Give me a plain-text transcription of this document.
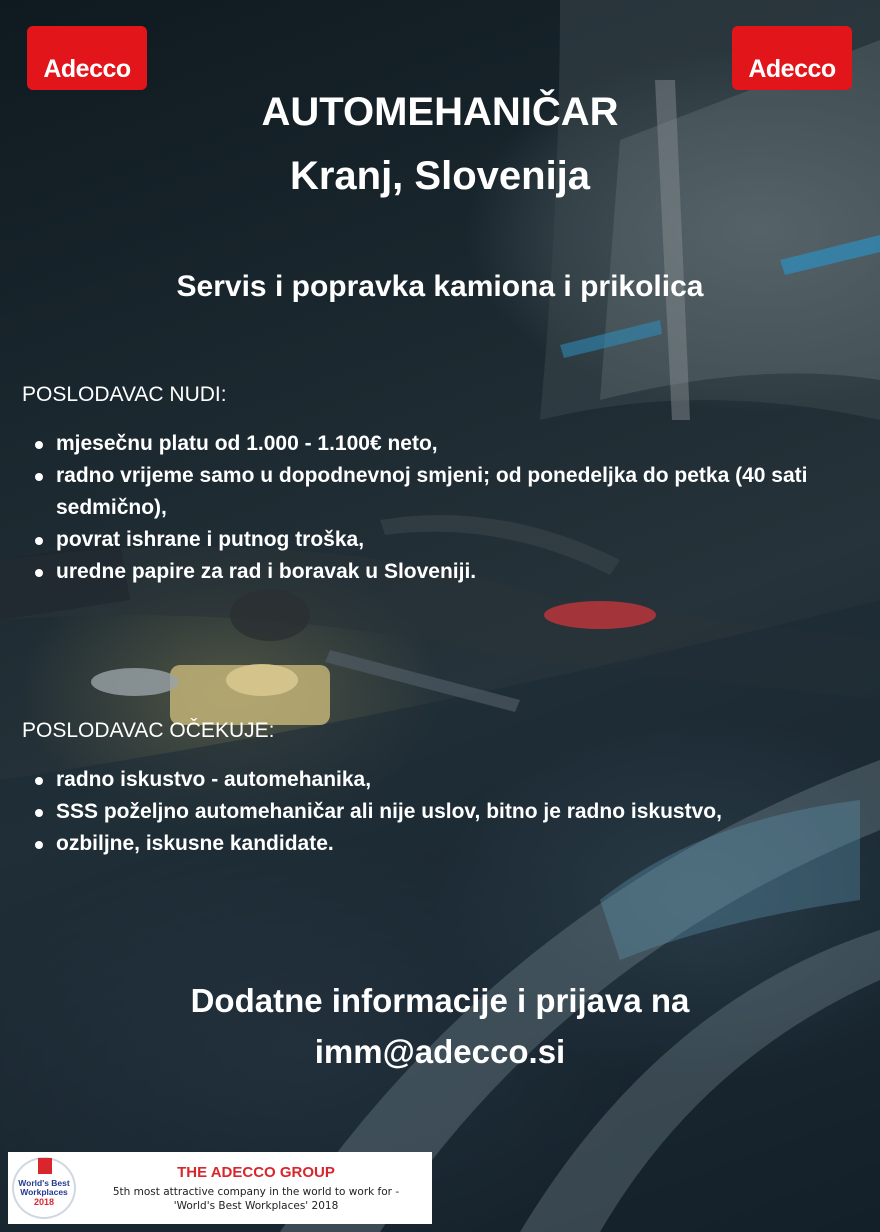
Adecco	Adecco
AUTOMEHANIČAR
Kranj, Slovenija
Servis i popravka kamiona i prikolica
POSLODAVAC NUDI:
mjesečnu platu od 1.000 - 1.100€ neto,
radno vrijeme samo u dopodnevnoj smjeni; od ponedeljka do petka (40 sati sedmično),
povrat ishrane i putnog troška,
uredne papire za rad i boravak u Sloveniji.
POSLODAVAC OČEKUJE:
radno iskustvo - automehanika,
SSS poželjno automehaničar ali nije uslov, bitno je radno iskustvo,
ozbiljne, iskusne kandidate.
Dodatne informacije i prijava na
imm@adecco.si
World's Best
Workplaces
2018
THE ADECCO GROUP
5th most attractive company in the world to work for -
'World's Best Workplaces' 2018
